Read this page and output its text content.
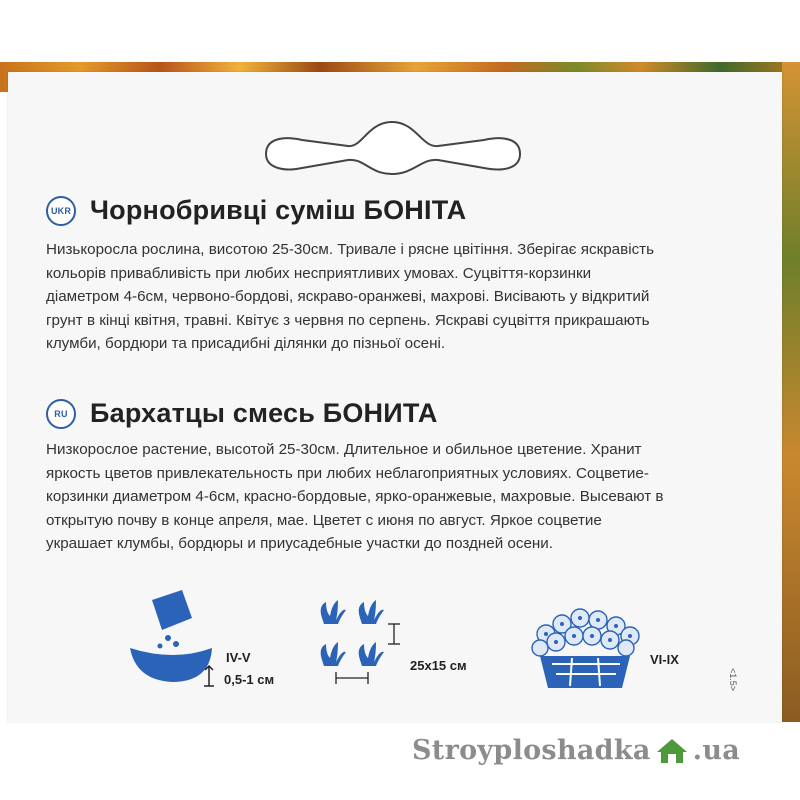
UKR Чорнобривці суміш БОНІТА
Низькоросла рослина, висотою 25-30см. Тривале і рясне цвітіння. Зберігає яскравість
кольорів привабливість при любих несприятливих умовах. Суцвіття-корзинки
діаметром 4-6см, червоно-бордові, яскраво-оранжеві, махрові. Висівають у відкритий
грунт в кінці квітня, травні. Квітує з червня по серпень. Яскраві суцвіття прикрашають
клумби, бордюри та присадибні ділянки до пізньої осені.
RU Бархатцы смесь БОНИТА
Низкорослое растение, высотой 25-30см. Длительное и обильное цветение. Хранит
яркость цветов привлекательность при любих неблагоприятных условиях. Соцветие-
корзинки диаметром 4-6см, красно-бордовые, ярко-оранжевые, махровые. Высевают в
открытую почву в конце апреля, мае. Цветет с июня по август. Яркое соцветие
украшает клумбы, бордюры и приусадебные участки до поздней осени.
IV-V
0,5-1 см
25x15 см	VI-IX
<1.5>
Stroyploshadka . ua
